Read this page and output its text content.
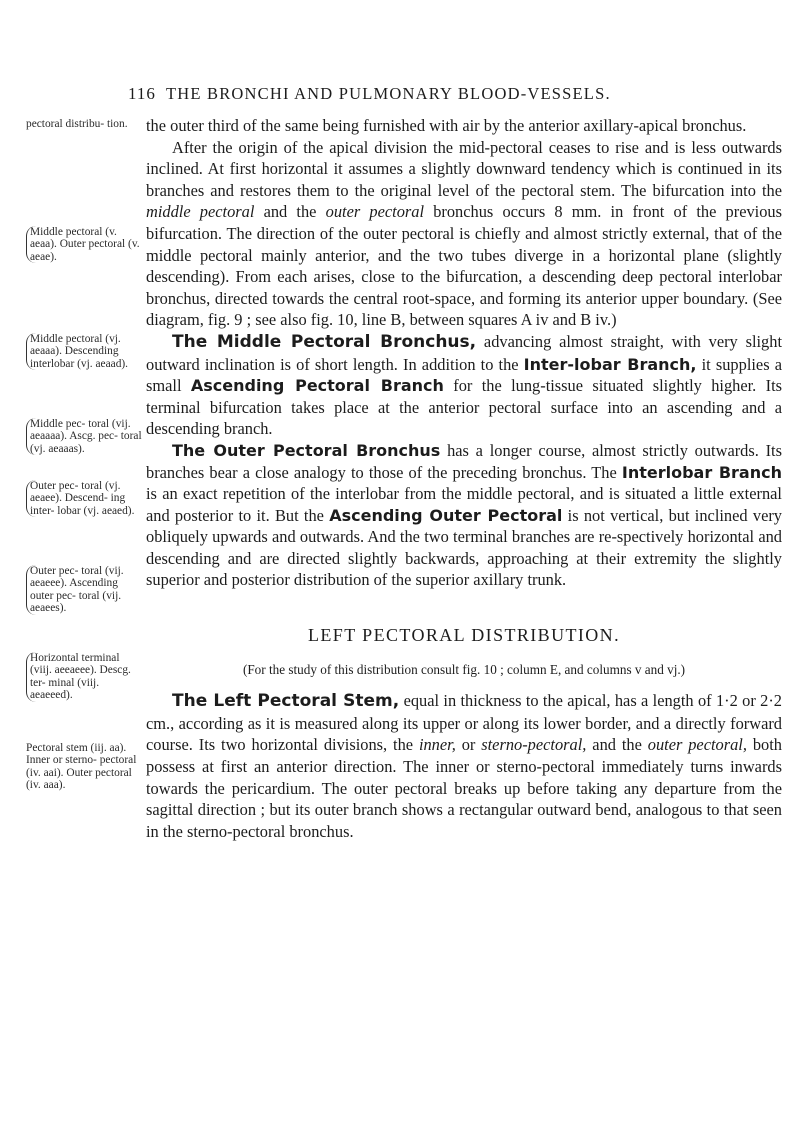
116 THE BRONCHI AND PULMONARY BLOOD-VESSELS.
pectoral distribu- tion.
Middle pectoral (v. aeaa). Outer pectoral (v. aeae).
Middle pectoral (vj. aeaaa). Descending interlobar (vj. aeaad).
Middle pec- toral (vij. aeaaaa). Ascg. pec- toral (vj. aeaaas).
Outer pec- toral (vj. aeaee). Descend- ing inter- lobar (vj. aeaed).
Outer pec- toral (vij. aeaeee). Ascending outer pec- toral (vij. aeaees).
Horizontal terminal (viij. aeeaeee). Descg. ter- minal (viij. aeaeeed).
Pectoral stem (iij. aa). Inner or sterno- pectoral (iv. aai). Outer pectoral (iv. aaa).

the outer third of the same being furnished with air by the anterior axillary-apical bronchus.

After the origin of the apical division the mid-pectoral ceases to rise and is less outwards inclined. At first horizontal it assumes a slightly downward tendency which is continued in its branches and restores them to the original level of the pectoral stem. The bifurcation into the middle pectoral and the outer pectoral bronchus occurs 8 mm. in front of the previous bifurcation. The direction of the outer pectoral is chiefly and almost strictly external, that of the middle pectoral mainly anterior, and the two tubes diverge in a horizontal plane (slightly descending). From each arises, close to the bifurcation, a descending deep pectoral interlobar bronchus, directed towards the central root-space, and forming its anterior upper boundary. (See diagram, fig. 9 ; see also fig. 10, line B, between squares A iv and B iv.)

The Middle Pectoral Bronchus, advancing almost straight, with very slight outward inclination is of short length. In addition to the Inter-lobar Branch, it supplies a small Ascending Pectoral Branch for the lung-tissue situated slightly higher. Its terminal bifurcation takes place at the anterior pectoral surface into an ascending and a descending branch.

The Outer Pectoral Bronchus has a longer course, almost strictly outwards. Its branches bear a close analogy to those of the preceding bronchus. The Interlobar Branch is an exact repetition of the interlobar from the middle pectoral, and is situated a little external and posterior to it. But the Ascending Outer Pectoral is not vertical, but inclined very obliquely upwards and outwards. And the two terminal branches are re-spectively horizontal and descending and are directed slightly backwards, approaching at their extremity the slightly superior and posterior distribution of the superior axillary trunk.

LEFT PECTORAL DISTRIBUTION.
(For the study of this distribution consult fig. 10 ; column E, and columns v and vj.)

The Left Pectoral Stem, equal in thickness to the apical, has a length of 1·2 or 2·2 cm., according as it is measured along its upper or along its lower border, and a directly forward course. Its two horizontal divisions, the inner, or sterno-pectoral, and the outer pectoral, both possess at first an anterior direction. The inner or sterno-pectoral immediately turns inwards towards the pericardium. The outer pectoral breaks up before taking any departure from the sagittal direction ; but its outer branch shows a rectangular outward bend, analogous to that seen in the sterno-pectoral bronchus.
